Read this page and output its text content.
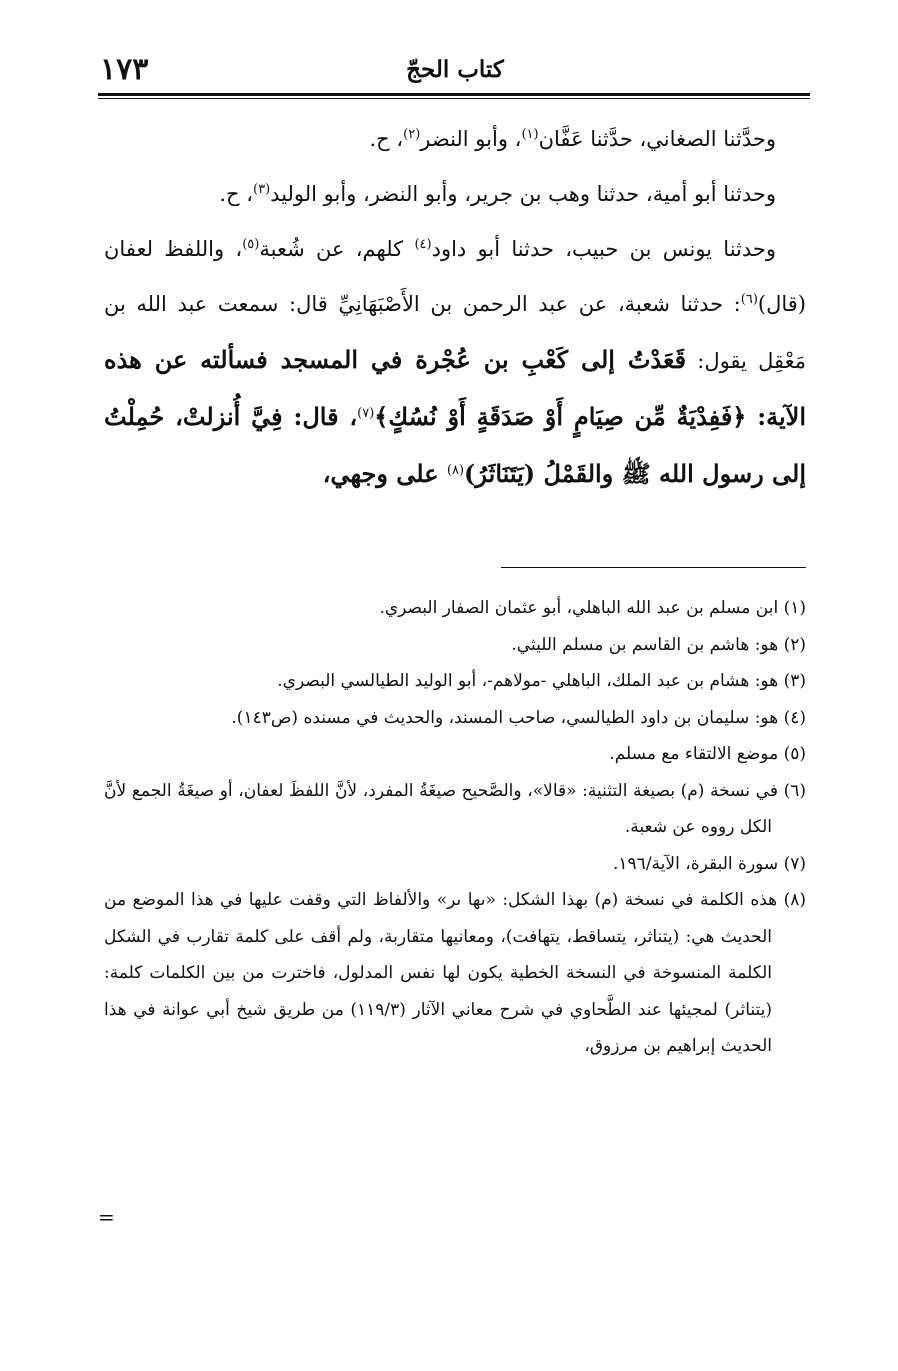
١٧٣	كتاب الحجّ

وحدَّثنا الصغاني، حدَّثنا عَفَّان$^{(١)}$، وأبو النضر$^{(٢)}$، ح.

وحدثنا أبو أمية، حدثنا وهب بن جرير، وأبو النضر، وأبو الوليد$^{(٣)}$، ح.

وحدثنا يونس بن حبيب، حدثنا أبو داود$^{(٤)}$ كلهم، عن شُعبة$^{(٥)}$، واللفظ لعفان (قال)$^{(٦)}$: حدثنا شعبة، عن عبد الرحمن بن الأَصْبَهَانِيِّ قال: سمعت عبد الله بن مَعْقِل يقول: قَعَدْتُ إلى كَعْبِ بن عُجْرة في المسجد فسألته عن هذه الآية: ﴿فَفِدْيَةٌ مِّن صِيَامٍ أَوْ صَدَقَةٍ أَوْ نُسُكٍ﴾$^{(٧)}$، قال: فِيَّ أُنزلتْ، حُمِلْتُ إلى رسول الله ﷺ والقَمْلُ (يَتَنَاثَرُ)$^{(٨)}$ على وجهي،

(١) ابن مسلم بن عبد الله الباهلي، أبو عثمان الصفار البصري.

(٢) هو: هاشم بن القاسم بن مسلم الليثي.

(٣) هو: هشام بن عبد الملك، الباهلي -مولاهم-، أبو الوليد الطيالسي البصري.

(٤) هو: سليمان بن داود الطيالسي، صاحب المسند، والحديث في مسنده (ص١٤٣).

(٥) موضع الالتقاء مع مسلم.

(٦) في نسخة (م) بصيغة التثنية: «قالا»، والصَّحيح صيغَةُ المفرد، لأنَّ اللفظَ لعفان، أو صيغَةُ الجمع لأنَّ الكل رووه عن شعبة.

(٧) سورة البقرة، الآية/١٩٦.

(٨) هذه الكلمة في نسخة (م) بهذا الشكل: «ىها ىر» والألفاظ التي وقفت عليها في هذا الموضع من الحديث هي: (يتناثر، يتساقط، يتهافت)، ومعانيها متقاربة، ولم أقف على كلمة تقارب في الشكل الكلمة المنسوخة في النسخة الخطية يكون لها نفس المدلول، فاخترت من بين الكلمات كلمة: (يتناثر) لمجيئها عند الطَّحاوي في شرح معاني الآثار (١١٩/٣) من طريق شيخ أبي عوانة في هذا الحديث إبراهيم بن مرزوق،

=
